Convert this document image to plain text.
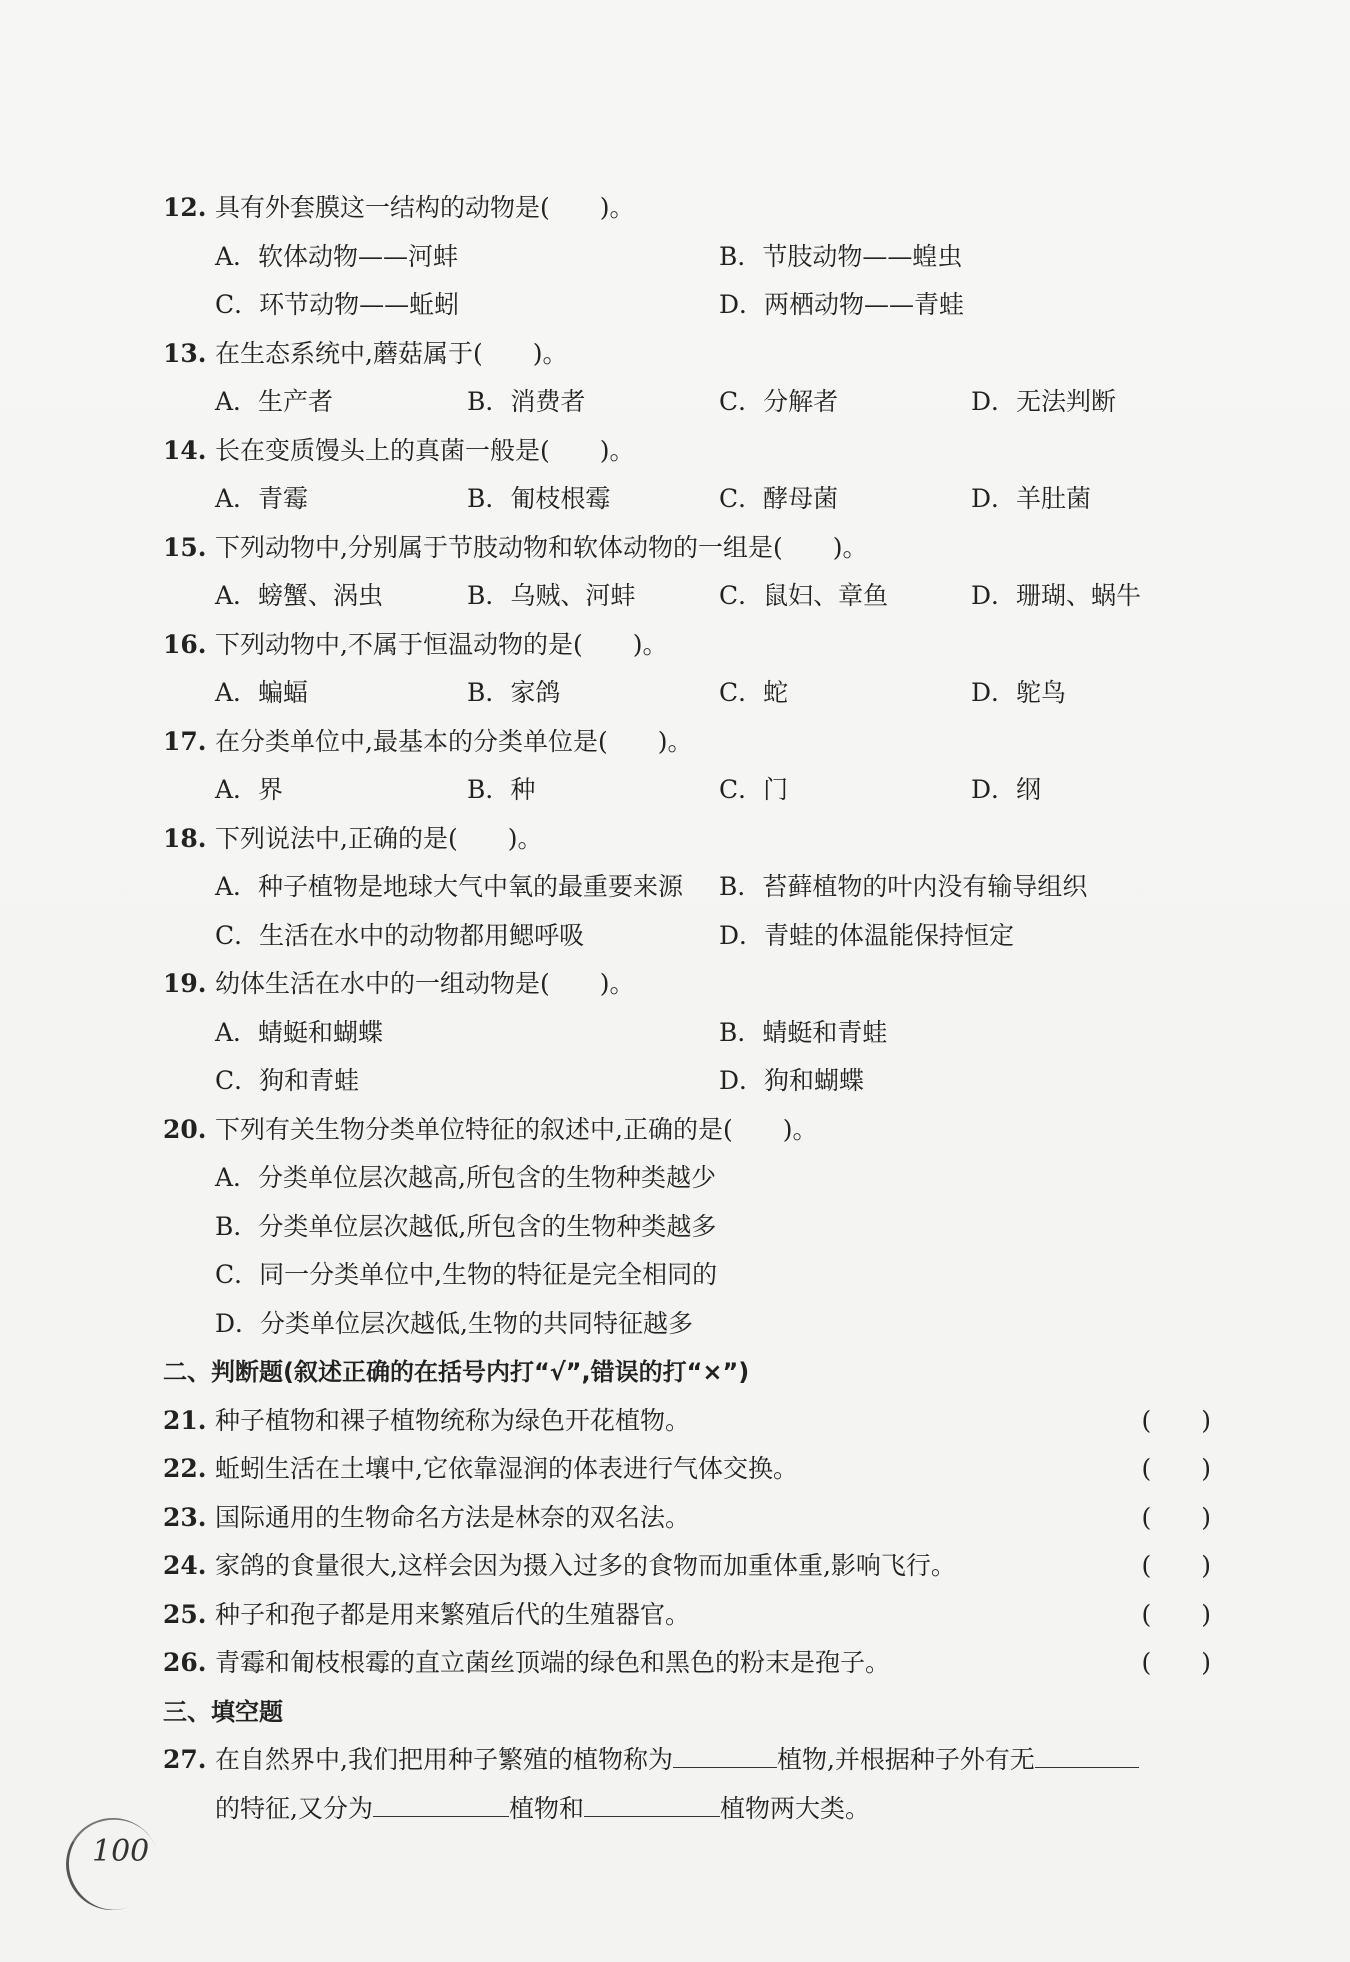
12. 具有外套膜这一结构的动物是(　　)。
A．软体动物——河蚌	B．节肢动物——蝗虫
C．环节动物——蚯蚓	D．两栖动物——青蛙
13. 在生态系统中,蘑菇属于(　　)。
A．生产者	B．消费者	C．分解者	D．无法判断
14. 长在变质馒头上的真菌一般是(　　)。
A．青霉	B．匍枝根霉	C．酵母菌	D．羊肚菌
15. 下列动物中,分别属于节肢动物和软体动物的一组是(　　)。
A．螃蟹、涡虫	B．乌贼、河蚌	C．鼠妇、章鱼	D．珊瑚、蜗牛
16. 下列动物中,不属于恒温动物的是(　　)。
A．蝙蝠	B．家鸽	C．蛇	D．鸵鸟
17. 在分类单位中,最基本的分类单位是(　　)。
A．界	B．种	C．门	D．纲
18. 下列说法中,正确的是(　　)。
A．种子植物是地球大气中氧的最重要来源	B．苔藓植物的叶内没有输导组织
C．生活在水中的动物都用鳃呼吸	D．青蛙的体温能保持恒定
19. 幼体生活在水中的一组动物是(　　)。
A．蜻蜓和蝴蝶	B．蜻蜓和青蛙
C．狗和青蛙	D．狗和蝴蝶
20. 下列有关生物分类单位特征的叙述中,正确的是(　　)。
A．分类单位层次越高,所包含的生物种类越少
B．分类单位层次越低,所包含的生物种类越多
C．同一分类单位中,生物的特征是完全相同的
D．分类单位层次越低,生物的共同特征越多
二、判断题(叙述正确的在括号内打“√”,错误的打“×”)
21. 种子植物和裸子植物统称为绿色开花植物。	(　　)
22. 蚯蚓生活在土壤中,它依靠湿润的体表进行气体交换。	(　　)
23. 国际通用的生物命名方法是林奈的双名法。	(　　)
24. 家鸽的食量很大,这样会因为摄入过多的食物而加重体重,影响飞行。	(　　)
25. 种子和孢子都是用来繁殖后代的生殖器官。	(　　)
26. 青霉和匍枝根霉的直立菌丝顶端的绿色和黑色的粉末是孢子。	(　　)
三、填空题
27. 在自然界中,我们把用种子繁殖的植物称为	植物,并根据种子外有无
的特征,又分为	植物和	植物两大类。
100
